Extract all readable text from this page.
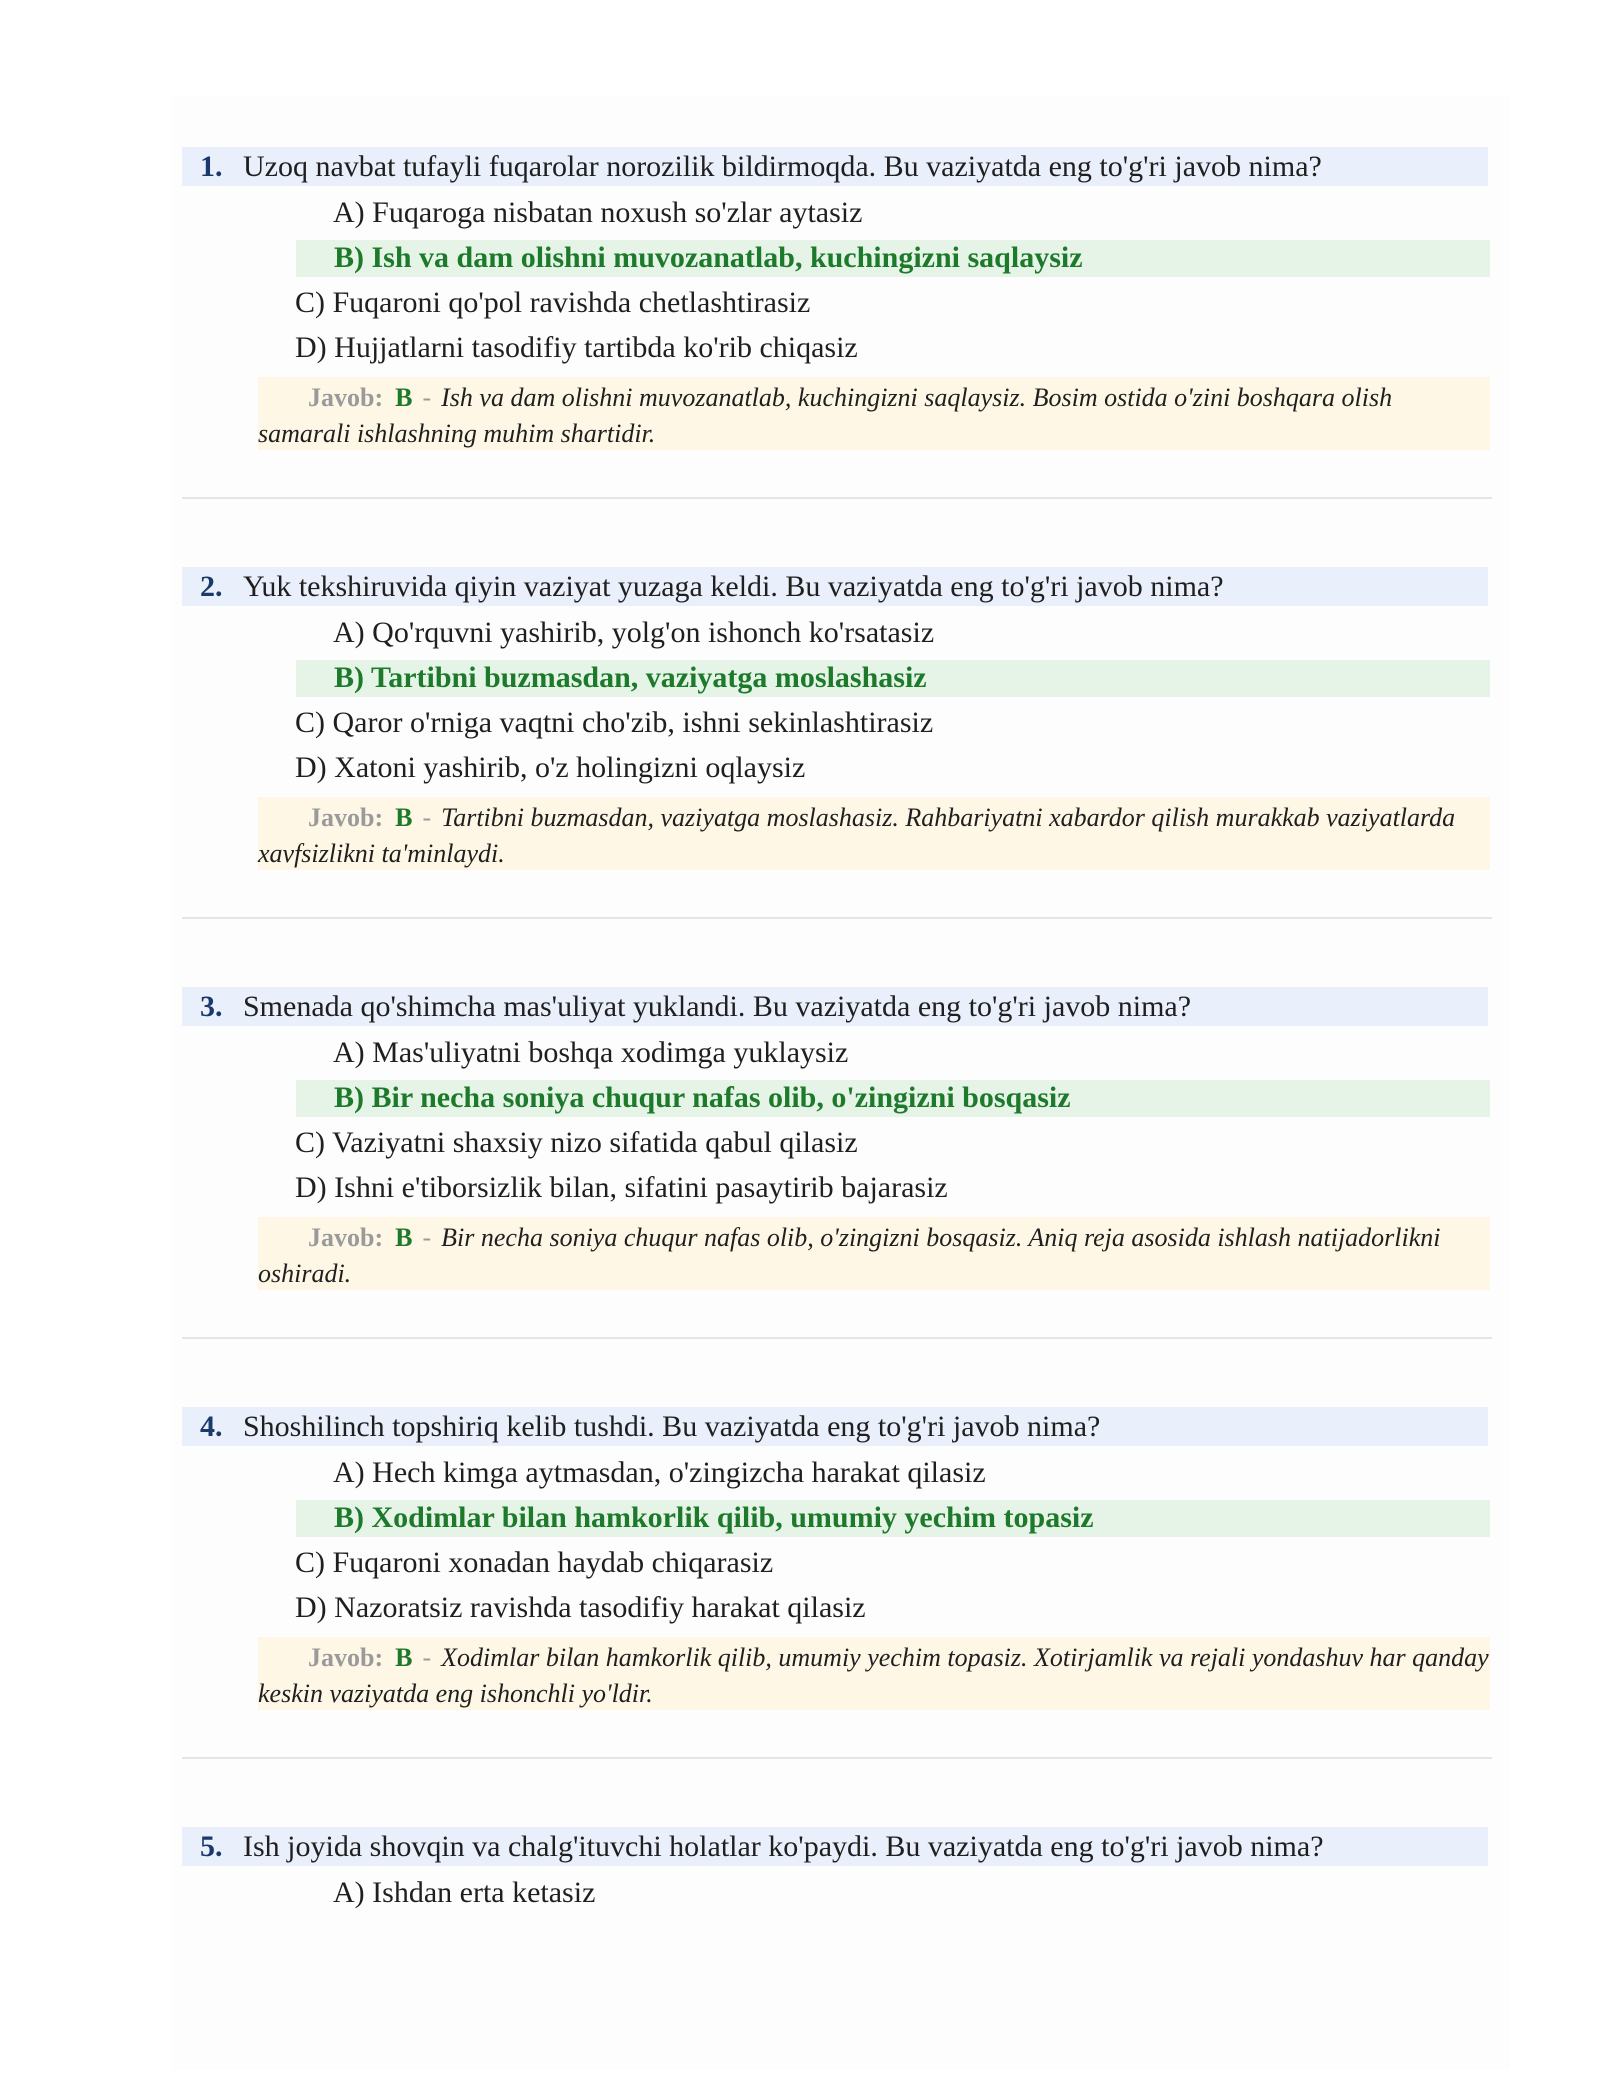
1. Uzoq navbat tufayli fuqarolar norozilik bildirmoqda. Bu vaziyatda eng to'g'ri javob nima?
A) Fuqaroga nisbatan noxush so'zlar aytasiz
B) Ish va dam olishni muvozanatlab, kuchingizni saqlaysiz
C) Fuqaroni qo'pol ravishda chetlashtirasiz
D) Hujjatlarni tasodifiy tartibda ko'rib chiqasiz
Javob: B - Ish va dam olishni muvozanatlab, kuchingizni saqlaysiz. Bosim ostida o'zini boshqara olish samarali ishlashning muhim shartidir.
2. Yuk tekshiruvida qiyin vaziyat yuzaga keldi. Bu vaziyatda eng to'g'ri javob nima?
A) Qo'rquvni yashirib, yolg'on ishonch ko'rsatasiz
B) Tartibni buzmasdan, vaziyatga moslashasiz
C) Qaror o'rniga vaqtni cho'zib, ishni sekinlashtirasiz
D) Xatoni yashirib, o'z holingizni oqlaysiz
Javob: B - Tartibni buzmasdan, vaziyatga moslashasiz. Rahbariyatni xabardor qilish murakkab vaziyatlarda xavfsizlikni ta'minlaydi.
3. Smenada qo'shimcha mas'uliyat yuklandi. Bu vaziyatda eng to'g'ri javob nima?
A) Mas'uliyatni boshqa xodimga yuklaysiz
B) Bir necha soniya chuqur nafas olib, o'zingizni bosqasiz
C) Vaziyatni shaxsiy nizo sifatida qabul qilasiz
D) Ishni e'tiborsizlik bilan, sifatini pasaytirib bajarasiz
Javob: B - Bir necha soniya chuqur nafas olib, o'zingizni bosqasiz. Aniq reja asosida ishlash natijadorlikni oshiradi.
4. Shoshilinch topshiriq kelib tushdi. Bu vaziyatda eng to'g'ri javob nima?
A) Hech kimga aytmasdan, o'zingizcha harakat qilasiz
B) Xodimlar bilan hamkorlik qilib, umumiy yechim topasiz
C) Fuqaroni xonadan haydab chiqarasiz
D) Nazoratsiz ravishda tasodifiy harakat qilasiz
Javob: B - Xodimlar bilan hamkorlik qilib, umumiy yechim topasiz. Xotirjamlik va rejali yondashuv har qanday keskin vaziyatda eng ishonchli yo'ldir.
5. Ish joyida shovqin va chalg'ituvchi holatlar ko'paydi. Bu vaziyatda eng to'g'ri javob nima?
A) Ishdan erta ketasiz
